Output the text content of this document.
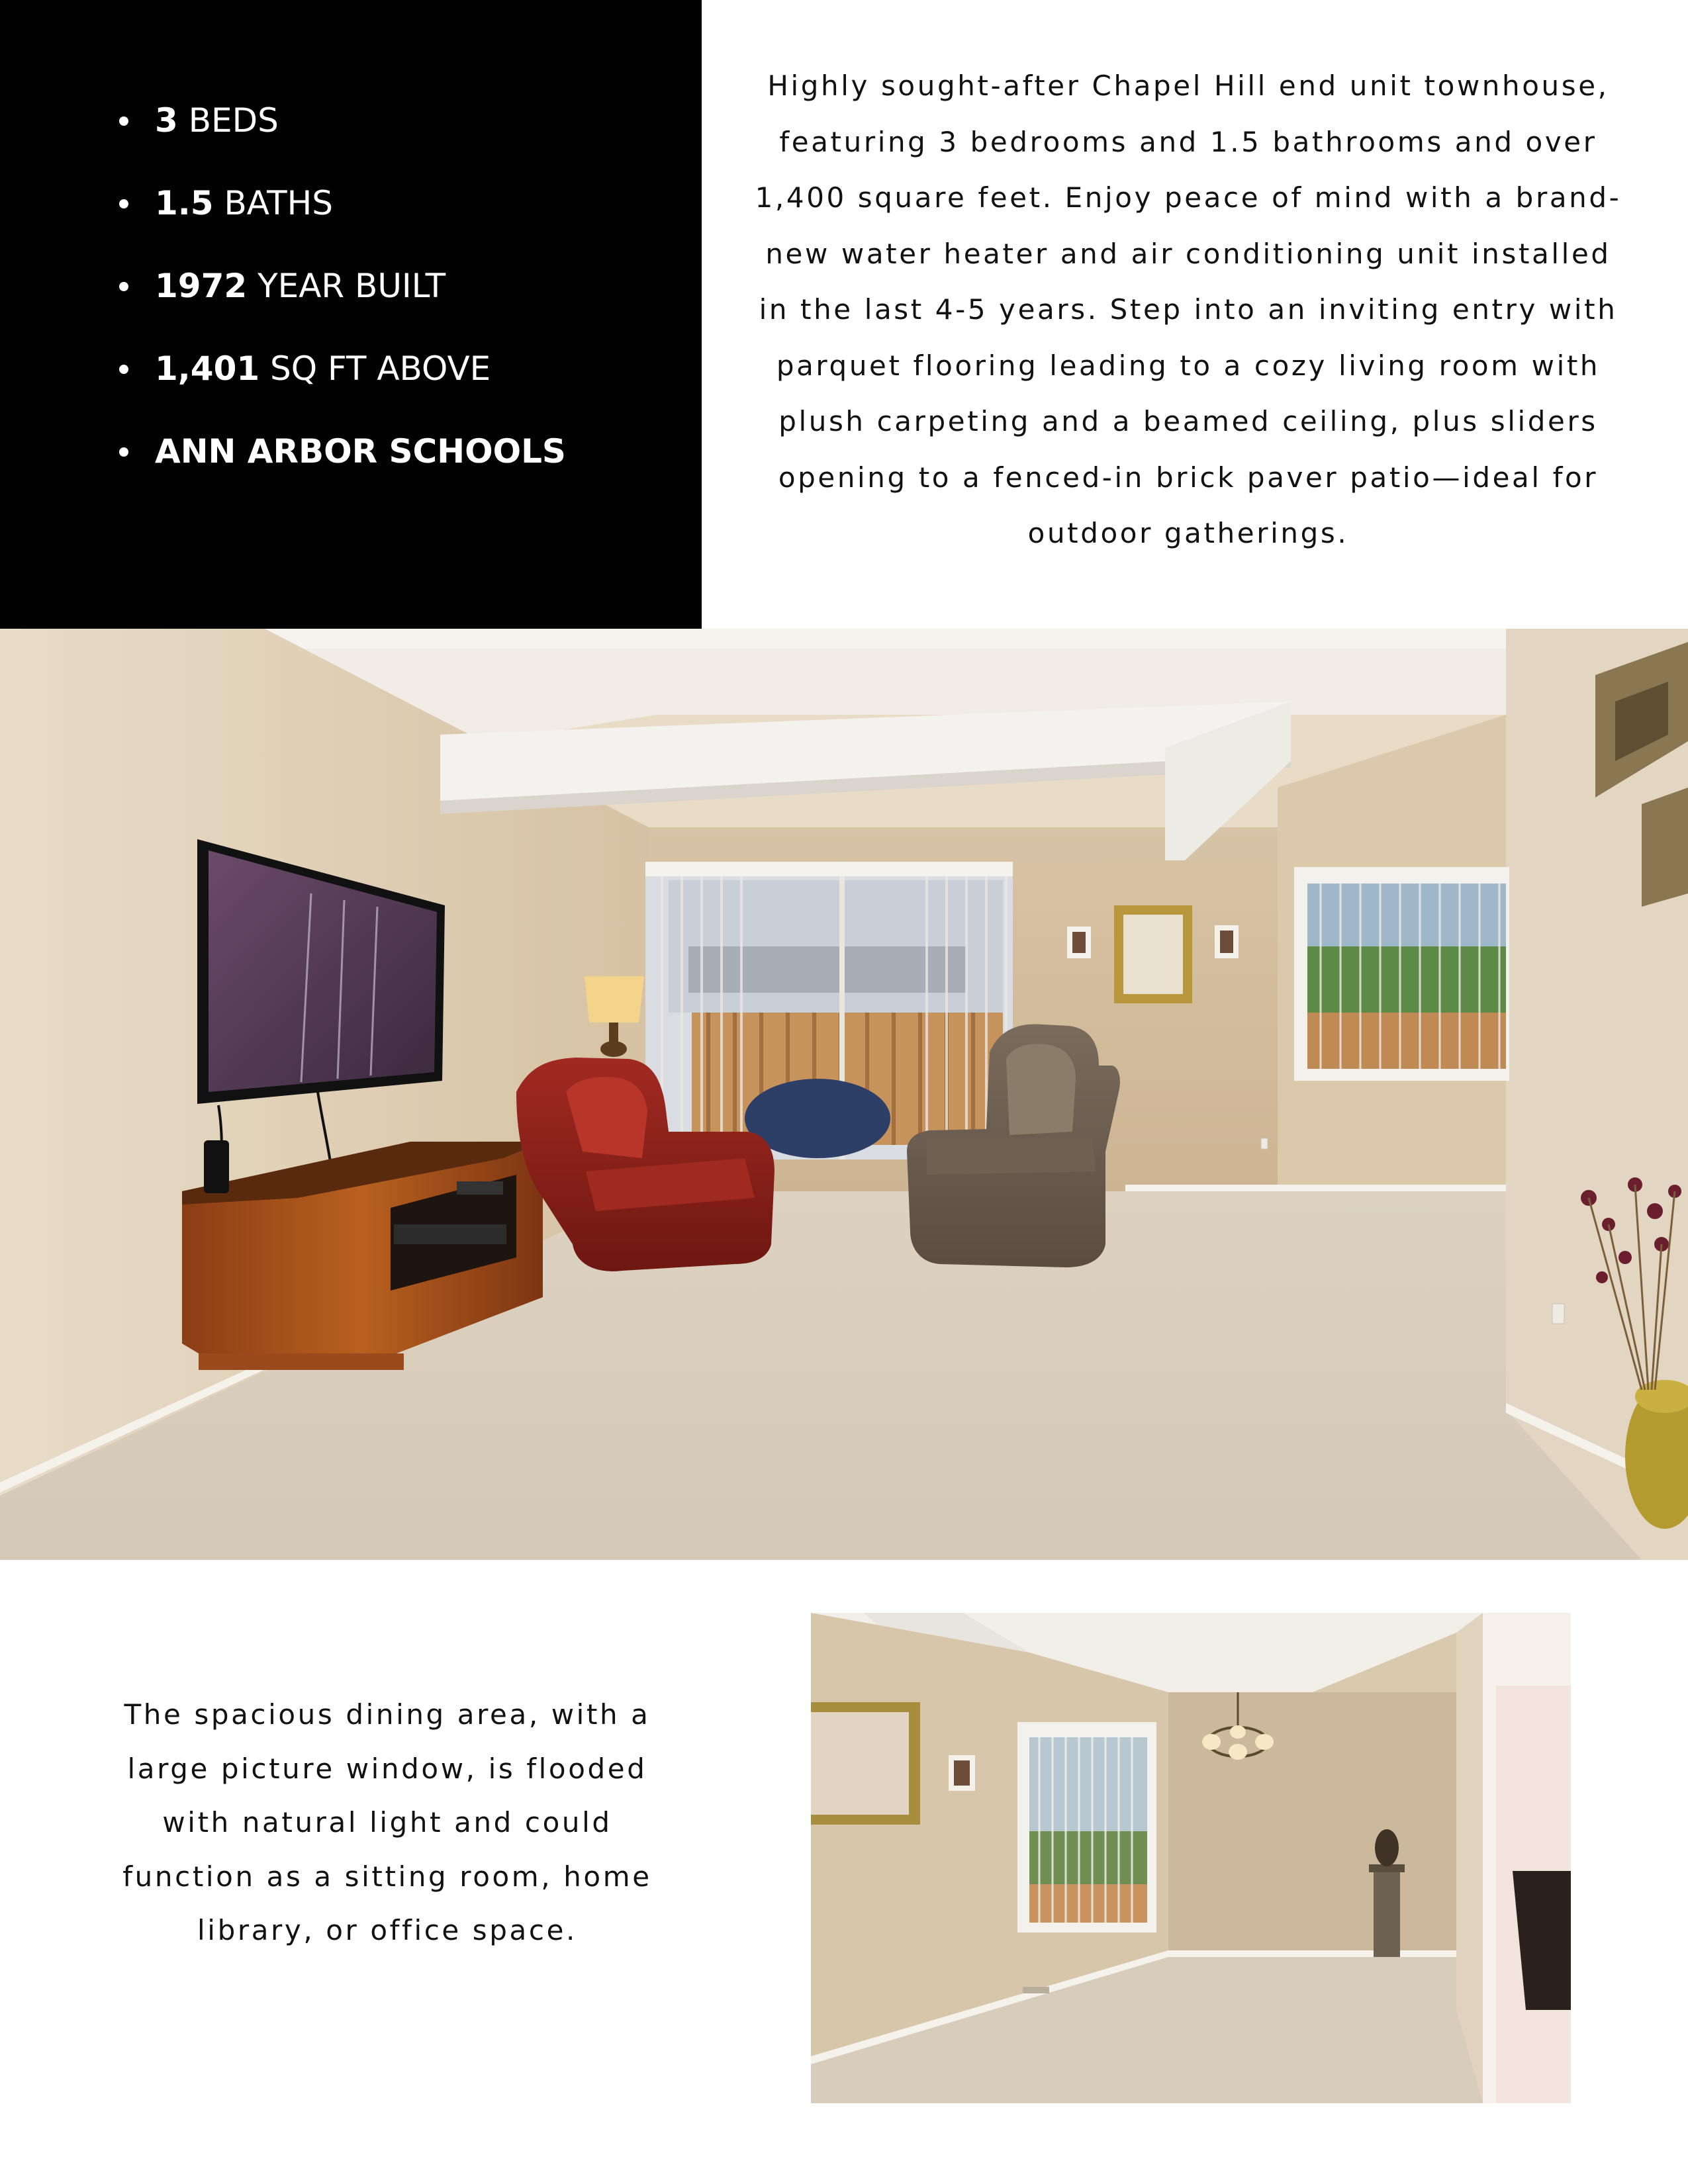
3 BEDS
1.5 BATHS
1972 YEAR BUILT
1,401 SQ FT ABOVE
ANN ARBOR SCHOOLS

Highly sought-after Chapel Hill end unit townhouse, featuring 3 bedrooms and 1.5 bathrooms and over 1,400 square feet. Enjoy peace of mind with a brand-new water heater and air conditioning unit installed in the last 4-5 years. Step into an inviting entry with parquet flooring leading to a cozy living room with plush carpeting and a beamed ceiling, plus sliders opening to a fenced-in brick paver patio—ideal for outdoor gatherings.

The spacious dining area, with a large picture window, is flooded with natural light and could function as a sitting room, home library, or office space.
